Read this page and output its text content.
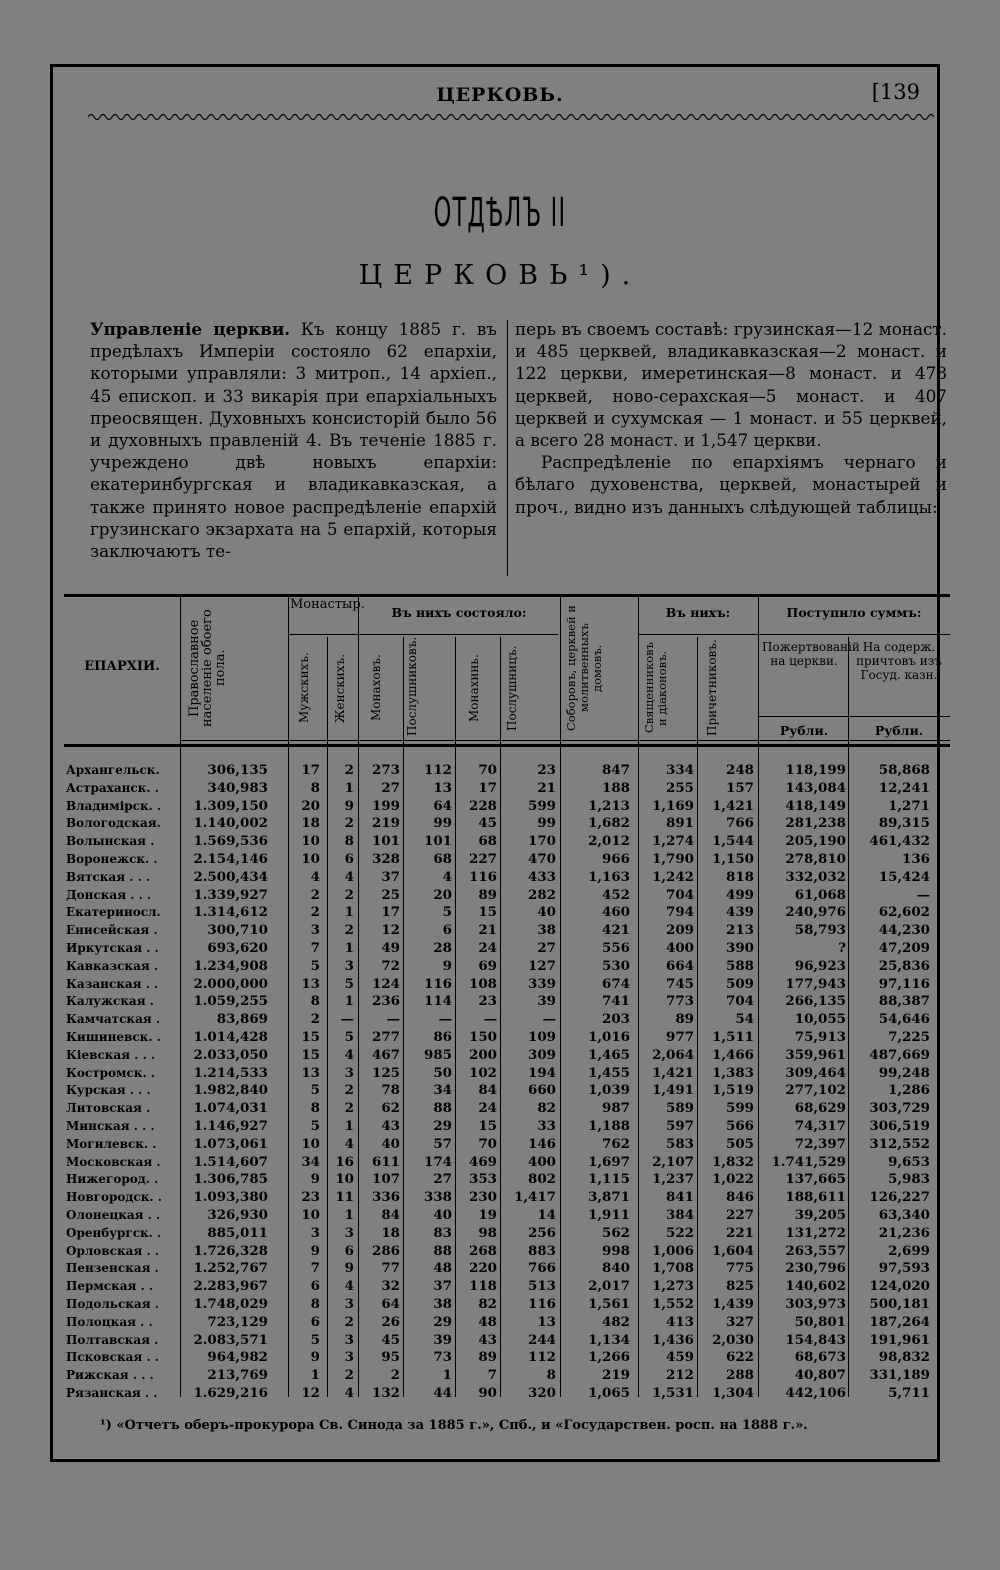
ЦЕРКОВЬ.	[139
ОТДѢЛЪ II
ЦЕРКОВЬ¹).

Управленіе церкви. Къ концу 1885 г. въ предѣлахъ Имперіи состояло 62 епархіи, которыми управляли: 3 митроп., 14 архіеп., 45 епископ. и 33 викарія при епархіальныхъ преосвящен. Духовныхъ консисторій было 56 и духовныхъ правленій 4. Въ теченіе 1885 г. учреждено двѣ новыхъ епархіи: екатеринбургская и владикавказская, а также принято новое распредѣленіе епархій грузинскаго экзархата на 5 епархій, которыя заключаютъ те-

перь въ своемъ составѣ: грузинская—12 монаст. и 485 церквей, владикавказская—2 монаст. и 122 церкви, имеретинская—8 монаст. и 478 церквей, ново-серахская—5 монаст. и 407 церквей и сухумская — 1 монаст. и 55 церквей, а всего 28 монаст. и 1,547 церкви.

Распредѣленіе по епархіямъ чернаго и бѣлаго духовенства, церквей, монастырей и проч., видно изъ данныхъ слѣдующей таблицы:

ЕПАРХІИ.	Православное населеніе обоего пола.
Монастыр.
Мужскихъ.	Женскихъ.
Въ нихъ состояло:
Монаховъ.	Послушниковъ.	Монахинь.	Послушницъ.	Соборовъ, церквей и молитвенныхъ домовъ.
Въ нихъ:
Священниковъ и діаконовъ.	Причетниковъ.
Поступило суммъ:
Пожертвованій на церкви.
На содерж. причтовъ изъ Госуд. казн.
Рубли.	Рубли.
Архангельск.	306,135	17	2	273	112	70	23	847	334	248	118,199	58,868
Астраханск. .	340,983	8	1	27	13	17	21	188	255	157	143,084	12,241
Владимірск. .	1.309,150	20	9	199	64	228	599	1,213	1,169	1,421	418,149	1,271
Вологодская.	1.140,002	18	2	219	99	45	99	1,682	891	766	281,238	89,315
Волынская .	1.569,536	10	8	101	101	68	170	2,012	1,274	1,544	205,190	461,432
Воронежск. .	2.154,146	10	6	328	68	227	470	966	1,790	1,150	278,810	136
Вятская . . .	2.500,434	4	4	37	4	116	433	1,163	1,242	818	332,032	15,424
Донская . . .	1.339,927	2	2	25	20	89	282	452	704	499	61,068	—
Екатериносл.	1.314,612	2	1	17	5	15	40	460	794	439	240,976	62,602
Енисейская .	300,710	3	2	12	6	21	38	421	209	213	58,793	44,230
Иркутская . .	693,620	7	1	49	28	24	27	556	400	390	?	47,209
Кавказская .	1.234,908	5	3	72	9	69	127	530	664	588	96,923	25,836
Казанская . .	2.000,000	13	5	124	116	108	339	674	745	509	177,943	97,116
Калужская .	1.059,255	8	1	236	114	23	39	741	773	704	266,135	88,387
Камчатская .	83,869	2	—	—	—	—	—	203	89	54	10,055	54,646
Кишиневск. .	1.014,428	15	5	277	86	150	109	1,016	977	1,511	75,913	7,225
Кіевская . . .	2.033,050	15	4	467	985	200	309	1,465	2,064	1,466	359,961	487,669
Костромск. .	1.214,533	13	3	125	50	102	194	1,455	1,421	1,383	309,464	99,248
Курская . . .	1.982,840	5	2	78	34	84	660	1,039	1,491	1,519	277,102	1,286
Литовская .	1.074,031	8	2	62	88	24	82	987	589	599	68,629	303,729
Минская . . .	1.146,927	5	1	43	29	15	33	1,188	597	566	74,317	306,519
Могилевск. .	1.073,061	10	4	40	57	70	146	762	583	505	72,397	312,552
Московская .	1.514,607	34	16	611	174	469	400	1,697	2,107	1,832	1.741,529	9,653
Нижегород. .	1.306,785	9	10	107	27	353	802	1,115	1,237	1,022	137,665	5,983
Новгородск. .	1.093,380	23	11	336	338	230	1,417	3,871	841	846	188,611	126,227
Олонецкая . .	326,930	10	1	84	40	19	14	1,911	384	227	39,205	63,340
Оренбургск. .	885,011	3	3	18	83	98	256	562	522	221	131,272	21,236
Орловская . .	1.726,328	9	6	286	88	268	883	998	1,006	1,604	263,557	2,699
Пензенская .	1.252,767	7	9	77	48	220	766	840	1,708	775	230,796	97,593
Пермская . .	2.283,967	6	4	32	37	118	513	2,017	1,273	825	140,602	124,020
Подольская .	1.748,029	8	3	64	38	82	116	1,561	1,552	1,439	303,973	500,181
Полоцкая . .	723,129	6	2	26	29	48	13	482	413	327	50,801	187,264
Полтавская .	2.083,571	5	3	45	39	43	244	1,134	1,436	2,030	154,843	191,961
Псковская . .	964,982	9	3	95	73	89	112	1,266	459	622	68,673	98,832
Рижская . . .	213,769	1	2	2	1	7	8	219	212	288	40,807	331,189
Рязанская . .	1.629,216	12	4	132	44	90	320	1,065	1,531	1,304	442,106	5,711
¹) «Отчетъ оберъ-прокурора Св. Синода за 1885 г.», Спб., и «Государствен. росп. на 1888 г.».
